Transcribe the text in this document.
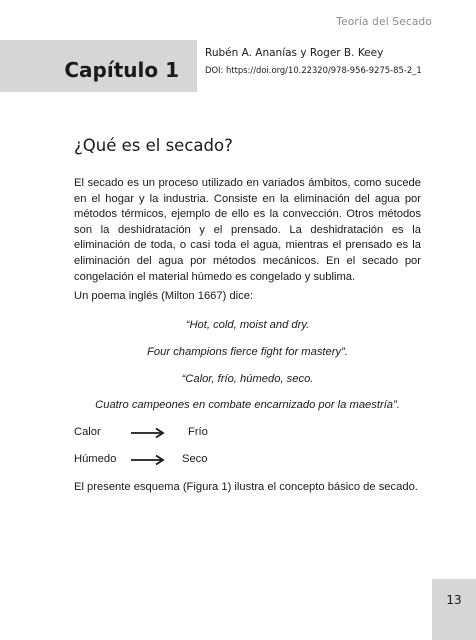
Teoría del Secado
Capítulo 1
Rubén A. Ananías y Roger B. Keey
DOI: https://doi.org/10.22320/978-956-9275-85-2_1
¿Qué es el secado?
El secado es un proceso utilizado en variados ámbitos, como sucede en el hogar y la industria. Consiste en la eliminación del agua por métodos térmicos, ejemplo de ello es la convección. Otros métodos son la deshidratación y el prensado. La deshidratación es la eliminación de toda, o casi toda el agua, mientras el prensado es la eliminación del agua por métodos mecánicos. En el secado por congelación el material húmedo es congelado y sublima.
Un poema inglés (Milton 1667) dice:
“Hot, cold, moist and dry.
Four champions fierce fight for mastery”.
“Calor, frío, húmedo, seco.
Cuatro campeones en combate encarnizado por la maestría”.
Calor	Frío
Húmedo	Seco
El presente esquema (Figura 1) ilustra el concepto básico de secado.
13
